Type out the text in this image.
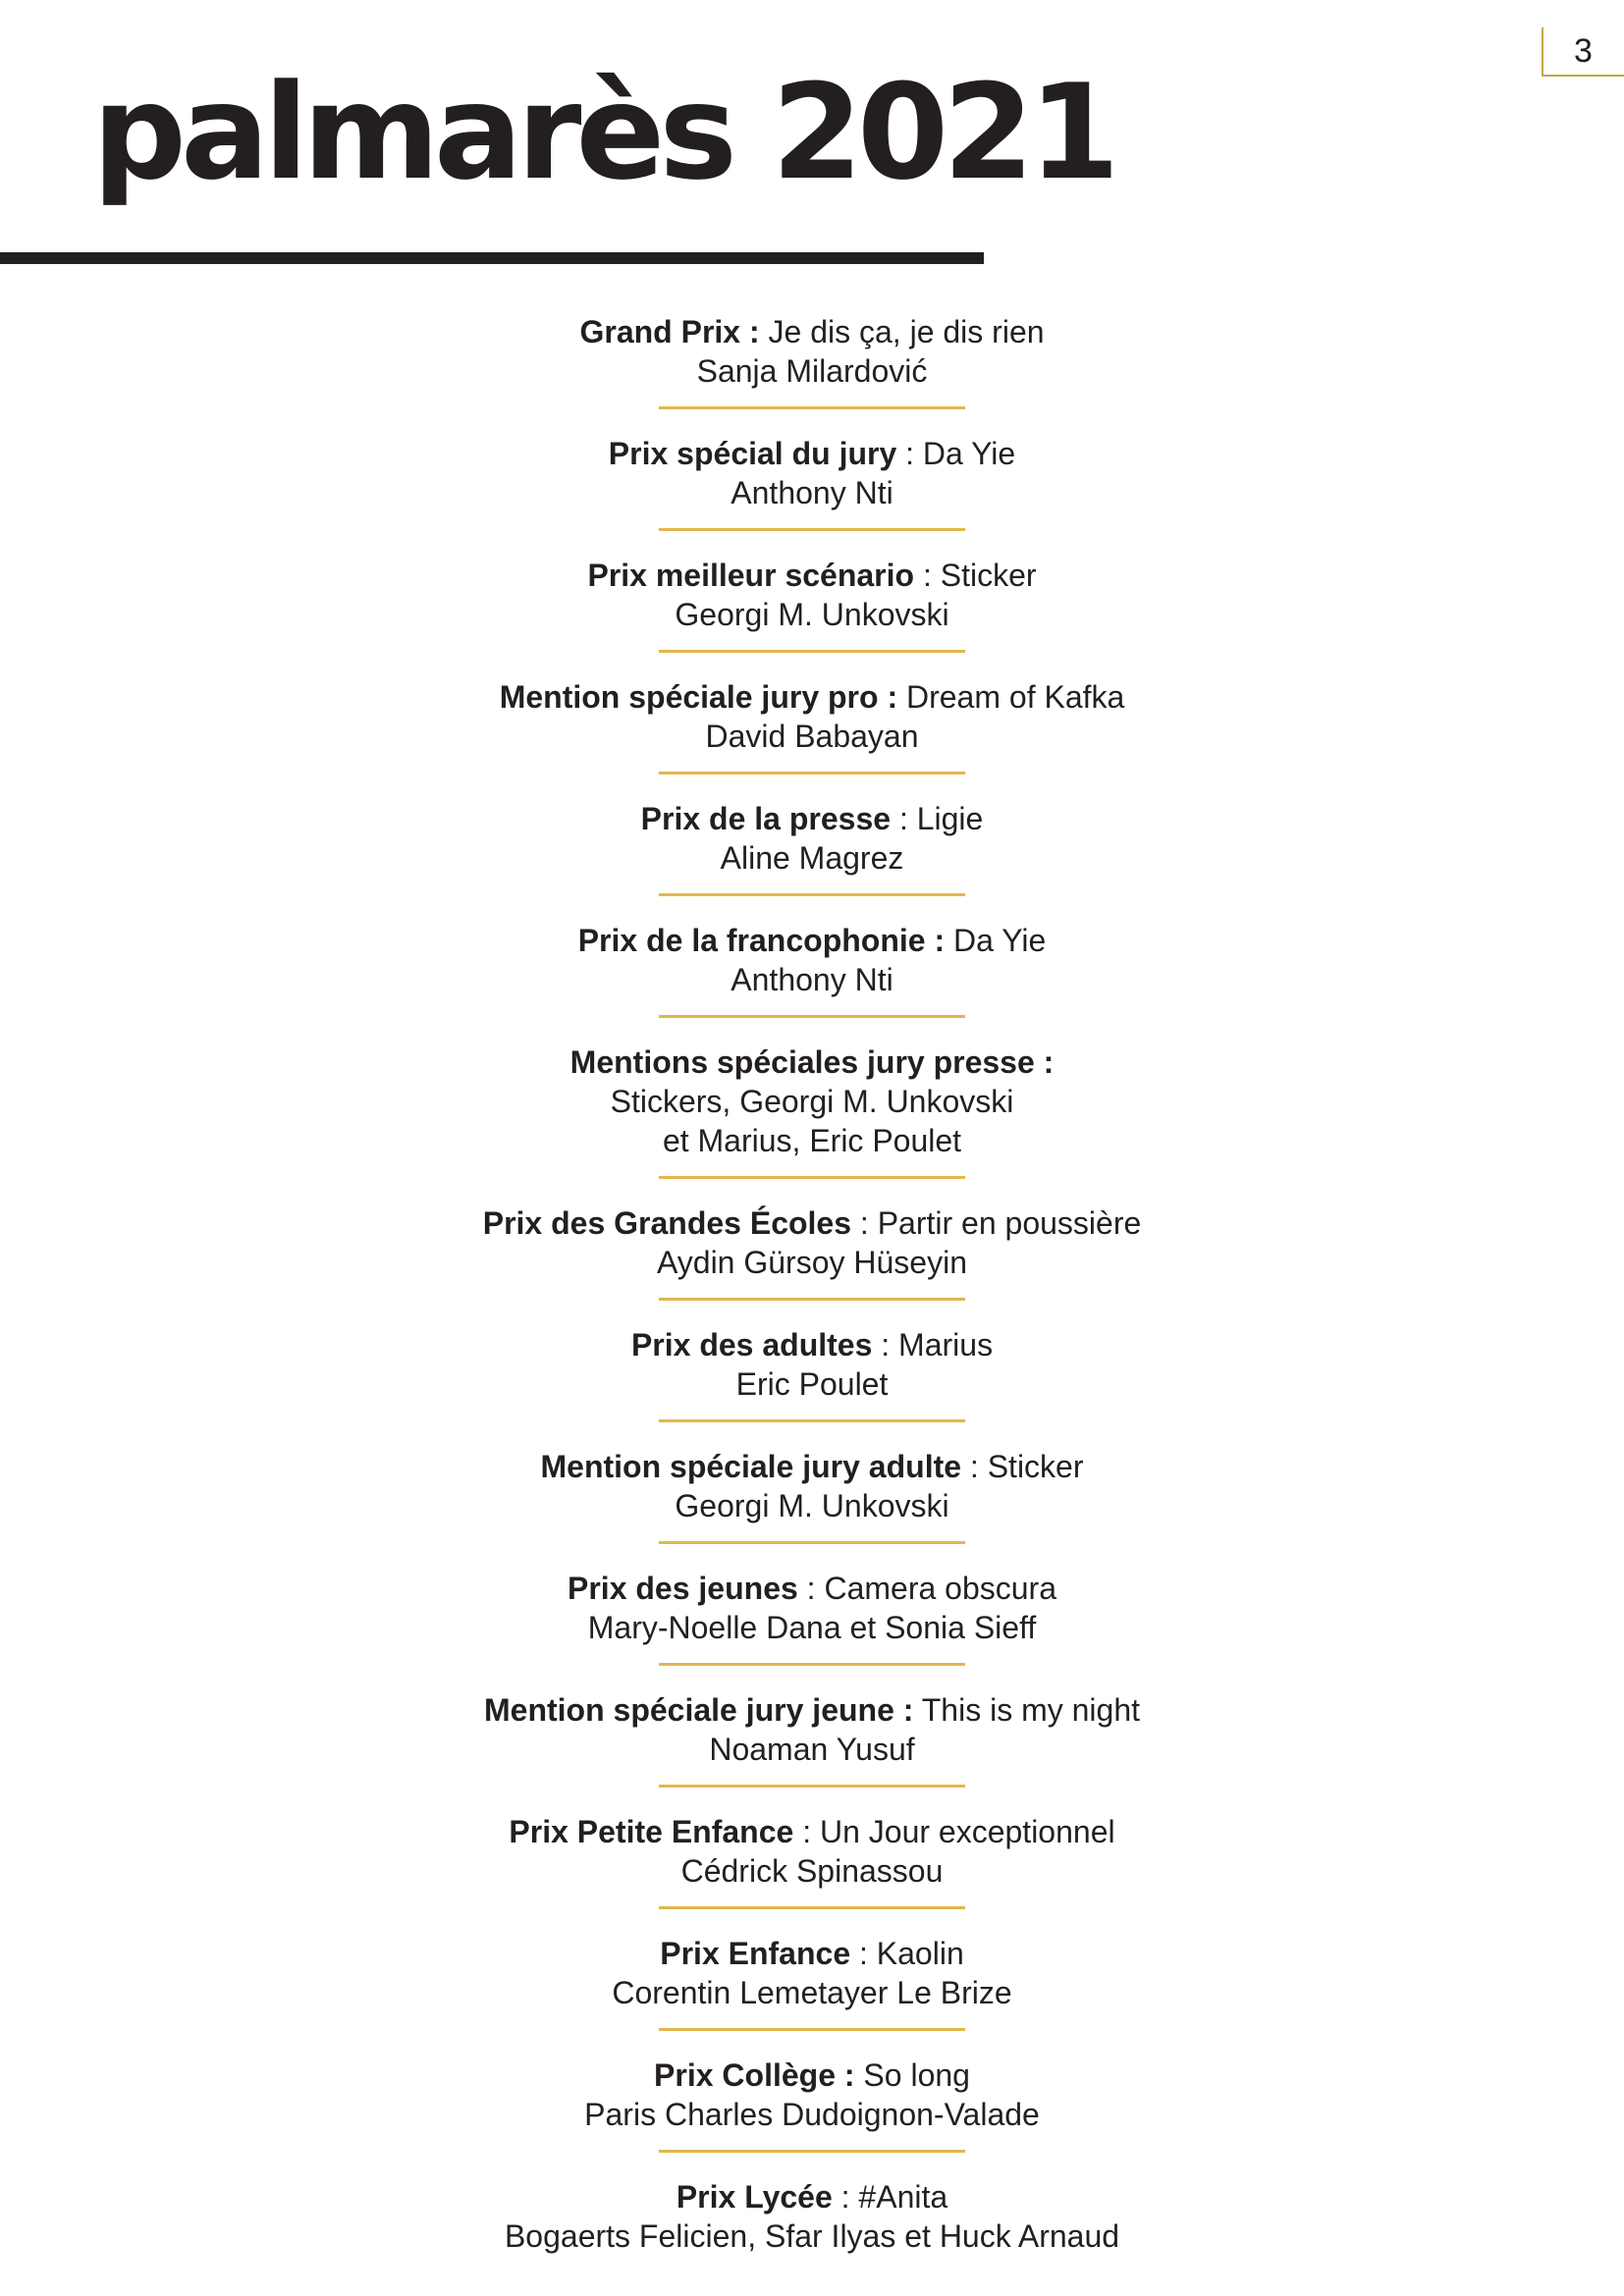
3
palmarès 2021
Grand Prix : Je dis ça, je dis rien
Sanja Milardović
Prix spécial du jury : Da Yie
Anthony Nti
Prix meilleur scénario : Sticker
Georgi M. Unkovski
Mention spéciale jury pro : Dream of Kafka
David Babayan
Prix de la presse : Ligie
Aline Magrez
Prix de la francophonie : Da Yie
Anthony Nti
Mentions spéciales jury presse :
Stickers, Georgi M. Unkovski
et Marius, Eric Poulet
Prix des Grandes Écoles : Partir en poussière
Aydin Gürsoy Hüseyin
Prix des adultes : Marius
Eric Poulet
Mention spéciale jury adulte : Sticker
Georgi M. Unkovski
Prix des jeunes : Camera obscura
Mary-Noelle Dana et Sonia Sieff
Mention spéciale jury jeune : This is my night
Noaman Yusuf
Prix Petite Enfance : Un Jour exceptionnel
Cédrick Spinassou
Prix Enfance : Kaolin
Corentin Lemetayer Le Brize
Prix Collège : So long
Paris Charles Dudoignon-Valade
Prix Lycée : #Anita
Bogaerts Felicien, Sfar Ilyas et Huck Arnaud
